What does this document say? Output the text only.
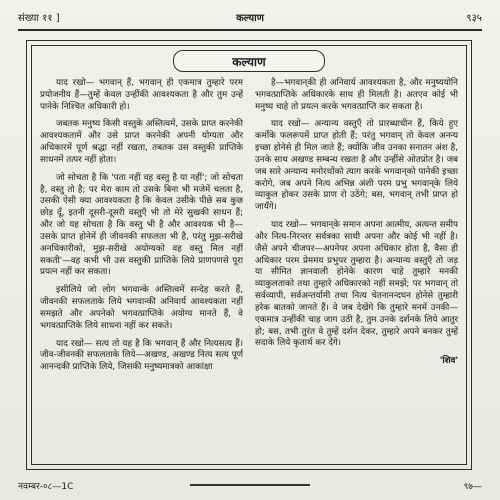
संख्या ११ ]	कल्याण	९३५
कल्याण

याद रखो— भगवान् हैं, भगवान् ही एकमात्र तुम्हारे परम प्रयोजनीय हैं—तुम्हें केवल उन्हींकी आवश्यकता है और तुम उन्हें पानेके निश्चित अधिकारी हो।

जबतक मनुष्य किसी वस्तुके अस्तित्वमें, उसके प्राप्त करनेकी आवश्यकतामें और उसे प्राप्त करनेकी अपनी योग्यता और अधिकारमें पूर्ण श्रद्धा नहीं रखता, तबतक उस वस्तुकी प्राप्तिके साधनमें तत्पर नहीं होता।

जो सोचता है कि 'पता नहीं वह वस्तु है या नहीं'; जो सोचता है, वस्तु तो है; पर मेरा काम तो उसके बिना भी मजेमें चलता है, उसकी ऐसी क्या आवश्यकता है कि केवल उसीके पीछे सब कुछ छोड़ दूँ, इतनी दूसरी-दूसरी वस्तुएँ भी तो मेरे सुखकी साधन हैं; और जो यह सोचता है कि वस्तु भी है और आवश्यक भी है—उसके प्राप्त होनेमें ही जीवनकी सफलता भी है, परंतु मुझ-सरीखे अनधिकारीको, मुझ-सरीखे अयोग्यको वह वस्तु मिल नहीं सकती'—वह कभी भी उस वस्तुकी प्राप्तिके लिये प्राणपणसे पूरा प्रयत्न नहीं कर सकता।

इसीलिये जो लोग भगवान्के अस्तित्वमें सन्देह करते हैं, जीवनकी सफलताके लिये भगवान्की अनिवार्य आवश्यकता नहीं समझते और अपनेको भगवत्प्राप्तिके अयोग्य मानते हैं, वे भगवत्प्राप्तिके लिये साधना नहीं कर सकते।

याद रखो— सत्य तो यह है कि भगवान् हैं और नित्यसत्य हैं। जीव-जीवनकी सफलताके लिये—अखण्ड, अखण्ड नित्य सत्य पूर्ण आनन्दकी प्राप्तिके लिये, जिसकी मनुष्यमात्रको आकांक्षा

है—भगवान्‌की ही अनिवार्य आवश्यकता है, और मनुष्ययोनि भगवत्प्राप्तिके अधिकारके साथ ही मिलती है। अतएव कोई भी मनुष्य चाहे तो प्रयत्न करके भगवत्प्राप्ति कर सकता है।

याद रखो— अन्यान्य वस्तुएँ तो प्रारब्धाधीन हैं, किये हुए कर्मोंके फलरूपमें प्राप्त होती हैं; परंतु भगवान् तो केवल अनन्य इच्छा होनेसे ही मिल जाते हैं; क्योंकि जीव उनका सनातन अंश है, उनके साथ अखण्ड सम्बन्ध रखता है और उन्हींसे ओतप्रोत है। जब जब सारे अन्यान्य मनोरथोंको त्याग करके भगवान्‌को पानेकी इच्छा करोगे, जब अपने नित्य अभिन्न अंशी परम प्रभु भगवान्‌के लिये व्याकुल होकर उसके प्राण रो उठेंगे; बस, भगवान् तभी प्राप्त हो जायँगे।

याद रखो— भगवान्‌के समान अपना आत्मीय, अत्यन्त समीप और नित्य-निरन्तर सर्वत्रका साथी अपना और कोई भी नहीं है। जैसे अपने चीजपर—अपनेपर अपना अधिकार होता है, वैसा ही अधिकार परम प्रेममय प्रभुपर तुम्हारा है। अन्यान्य वस्तुएँ तो जड़ या सीमित ज्ञानवाली होनेके कारण चाहे तुम्हारे मनकी व्याकुलताको तथा तुम्हारे अधिकारको नहीं समझें; पर भगवान् तो सर्वव्यापी, सर्वअन्तर्यामी तथा नित्य चेतनानन्दघन होनेसे तुम्हारी हरेक बातको जानते हैं। वे जब देखेंगे कि तुम्हारे मनमें उनकी—एकमात्र उन्हींकी चाह जाग उठी है, तुम उनके दर्शनके लिये आतुर हो; बस, तभी तुरंत वे तुम्हें दर्शन देकर, तुम्हारे अपने बनकर तुम्हें सदाके लिये कृतार्थ कर देंगे।

'शिव'
नवम्बर-०८—1C	९७—
